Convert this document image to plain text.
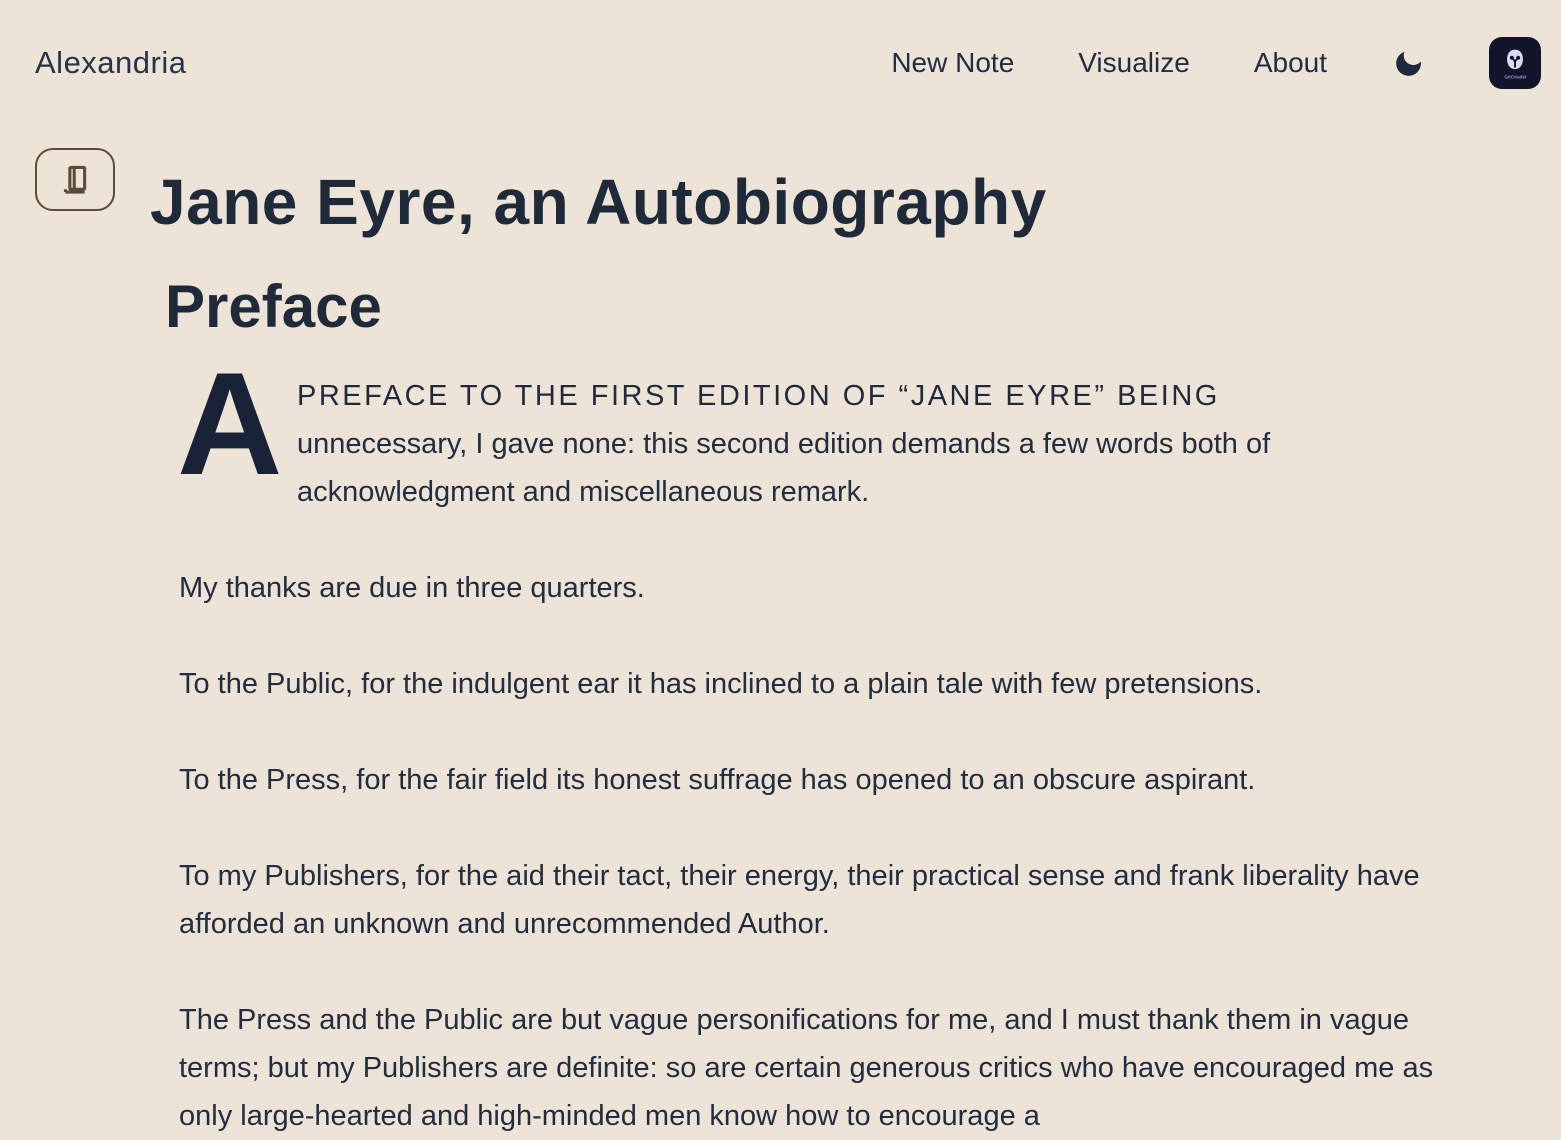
Alexandria	New Note Visualize About	GitCitadel
Jane Eyre, an Autobiography
Preface
A PREFACE TO THE FIRST EDITION OF “JANE EYRE” BEING
unnecessary, I gave none: this second edition demands a few words both of acknowledgment and miscellaneous remark.

My thanks are due in three quarters.

To the Public, for the indulgent ear it has inclined to a plain tale with few pretensions.

To the Press, for the fair field its honest suffrage has opened to an obscure aspirant.

To my Publishers, for the aid their tact, their energy, their practical sense and frank liberality have afforded an unknown and unrecommended Author.

The Press and the Public are but vague personifications for me, and I must thank them in vague terms; but my Publishers are definite: so are certain generous critics who have encouraged me as only large-hearted and high-minded men know how to encourage a
